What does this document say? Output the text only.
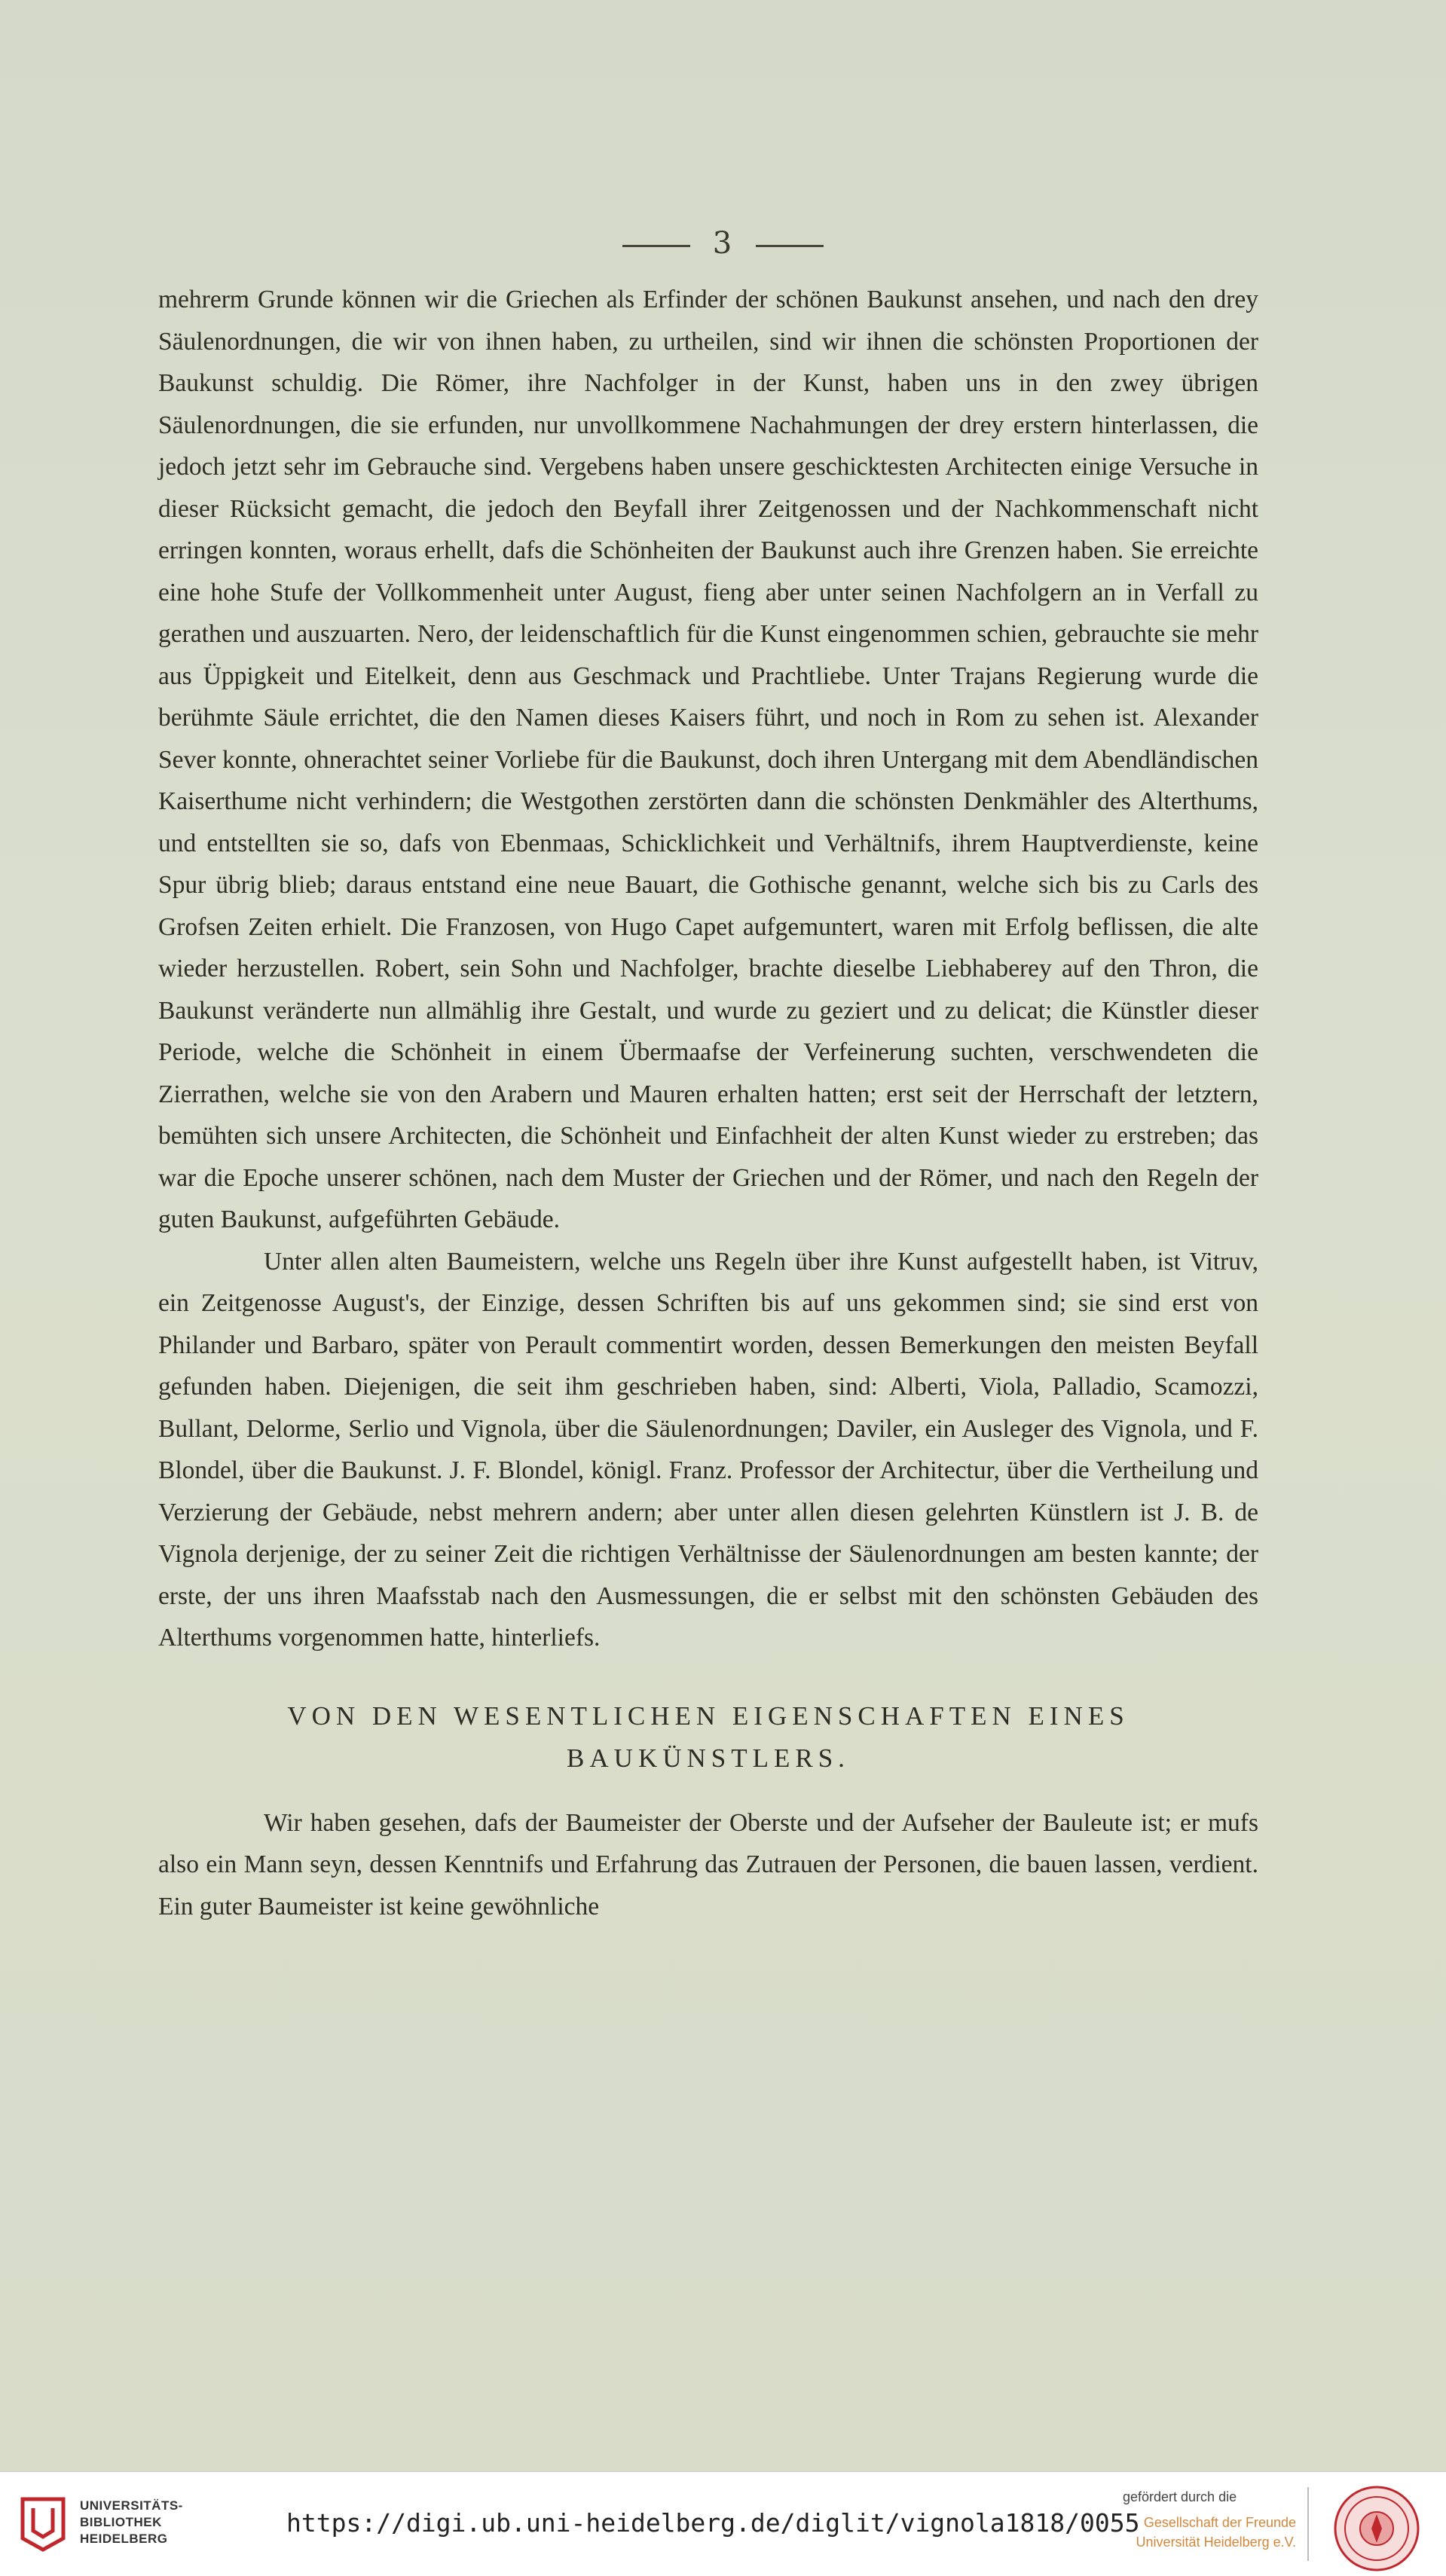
3

mehrerm Grunde können wir die Griechen als Erfinder der schönen Baukunst ansehen, und nach den drey Säulenordnungen, die wir von ihnen haben, zu urtheilen, sind wir ihnen die schönsten Proportionen der Baukunst schuldig. Die Römer, ihre Nachfolger in der Kunst, haben uns in den zwey übrigen Säulenordnungen, die sie erfunden, nur unvollkommene Nachahmungen der drey erstern hinterlassen, die jedoch jetzt sehr im Gebrauche sind. Vergebens haben unsere geschicktesten Architecten einige Versuche in dieser Rücksicht gemacht, die jedoch den Beyfall ihrer Zeitgenossen und der Nachkommenschaft nicht erringen konnten, woraus erhellt, dafs die Schönheiten der Baukunst auch ihre Grenzen haben. Sie erreichte eine hohe Stufe der Vollkommenheit unter August, fieng aber unter seinen Nachfolgern an in Verfall zu gerathen und auszuarten. Nero, der leidenschaftlich für die Kunst eingenommen schien, gebrauchte sie mehr aus Üppigkeit und Eitelkeit, denn aus Geschmack und Prachtliebe. Unter Trajans Regierung wurde die berühmte Säule errichtet, die den Namen dieses Kaisers führt, und noch in Rom zu sehen ist. Alexander Sever konnte, ohnerachtet seiner Vorliebe für die Baukunst, doch ihren Untergang mit dem Abendländischen Kaiserthume nicht verhindern; die Westgothen zerstörten dann die schönsten Denkmähler des Alterthums, und entstellten sie so, dafs von Ebenmaas, Schicklichkeit und Verhältnifs, ihrem Hauptverdienste, keine Spur übrig blieb; daraus entstand eine neue Bauart, die Gothische genannt, welche sich bis zu Carls des Grofsen Zeiten erhielt. Die Franzosen, von Hugo Capet aufgemuntert, waren mit Erfolg beflissen, die alte wieder herzustellen. Robert, sein Sohn und Nachfolger, brachte dieselbe Liebhaberey auf den Thron, die Baukunst veränderte nun allmählig ihre Gestalt, und wurde zu geziert und zu delicat; die Künstler dieser Periode, welche die Schönheit in einem Übermaafse der Verfeinerung suchten, verschwendeten die Zierrathen, welche sie von den Arabern und Mauren erhalten hatten; erst seit der Herrschaft der letztern, bemühten sich unsere Architecten, die Schönheit und Einfachheit der alten Kunst wieder zu erstreben; das war die Epoche unserer schönen, nach dem Muster der Griechen und der Römer, und nach den Regeln der guten Baukunst, aufgeführten Gebäude.

Unter allen alten Baumeistern, welche uns Regeln über ihre Kunst aufgestellt haben, ist Vitruv, ein Zeitgenosse August's, der Einzige, dessen Schriften bis auf uns gekommen sind; sie sind erst von Philander und Barbaro, später von Perault commentirt worden, dessen Bemerkungen den meisten Beyfall gefunden haben. Diejenigen, die seit ihm geschrieben haben, sind: Alberti, Viola, Palladio, Scamozzi, Bullant, Delorme, Serlio und Vignola, über die Säulenordnungen; Daviler, ein Ausleger des Vignola, und F. Blondel, über die Baukunst. J. F. Blondel, königl. Franz. Professor der Architectur, über die Vertheilung und Verzierung der Gebäude, nebst mehrern andern; aber unter allen diesen gelehrten Künstlern ist J. B. de Vignola derjenige, der zu seiner Zeit die richtigen Verhältnisse der Säulenordnungen am besten kannte; der erste, der uns ihren Maafsstab nach den Ausmessungen, die er selbst mit den schönsten Gebäuden des Alterthums vorgenommen hatte, hinterliefs.

VON DEN WESENTLICHEN EIGENSCHAFTEN EINES BAUKÜNSTLERS.

Wir haben gesehen, dafs der Baumeister der Oberste und der Aufseher der Bauleute ist; er mufs also ein Mann seyn, dessen Kenntnifs und Erfahrung das Zutrauen der Personen, die bauen lassen, verdient. Ein guter Baumeister ist keine gewöhnliche

UNIVERSITÄTS-
BIBLIOTHEK
HEIDELBERG
https://digi.ub.uni-heidelberg.de/diglit/vignola1818/0055
gefördert durch die
Gesellschaft der Freunde
Universität Heidelberg e.V.
